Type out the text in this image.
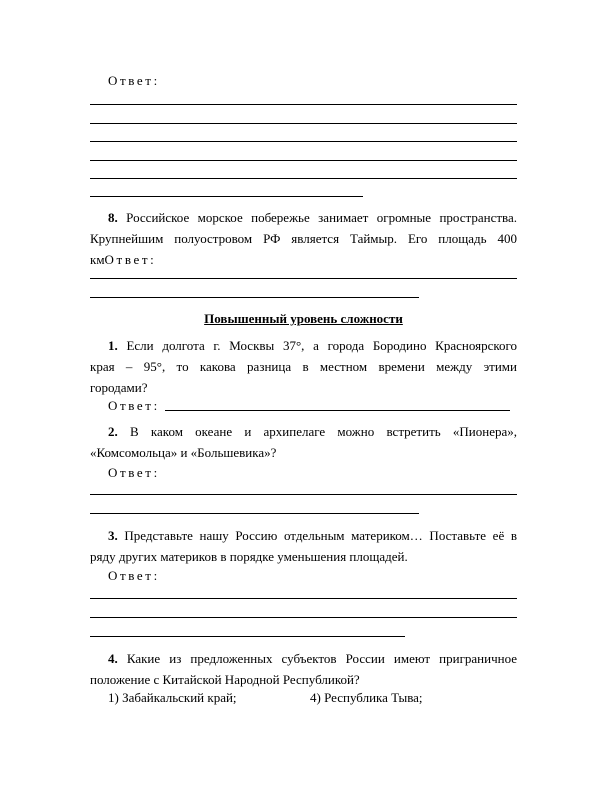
Ответ:
8. Российское морское побережье занимает огромные пространства.
Крупнейшим полуостровом РФ является Таймыр. Его площадь 400
кмОтвет:
Повышенный уровень сложности
1. Если долгота г. Москвы 37°, а города Бородино Красноярского
края – 95°, то какова разница в местном времени между этими
городами?
Ответ:
2. В каком океане и архипелаге можно встретить «Пионера»,
«Комсомольца» и «Большевика»?
Ответ:
3. Представьте нашу Россию отдельным материком… Поставьте её в
ряду других материков в порядке уменьшения площадей.
Ответ:
4. Какие из предложенных субъектов России имеют приграничное
положение с Китайской Народной Республикой?
1) Забайкальский край;	4) Республика Тыва;
